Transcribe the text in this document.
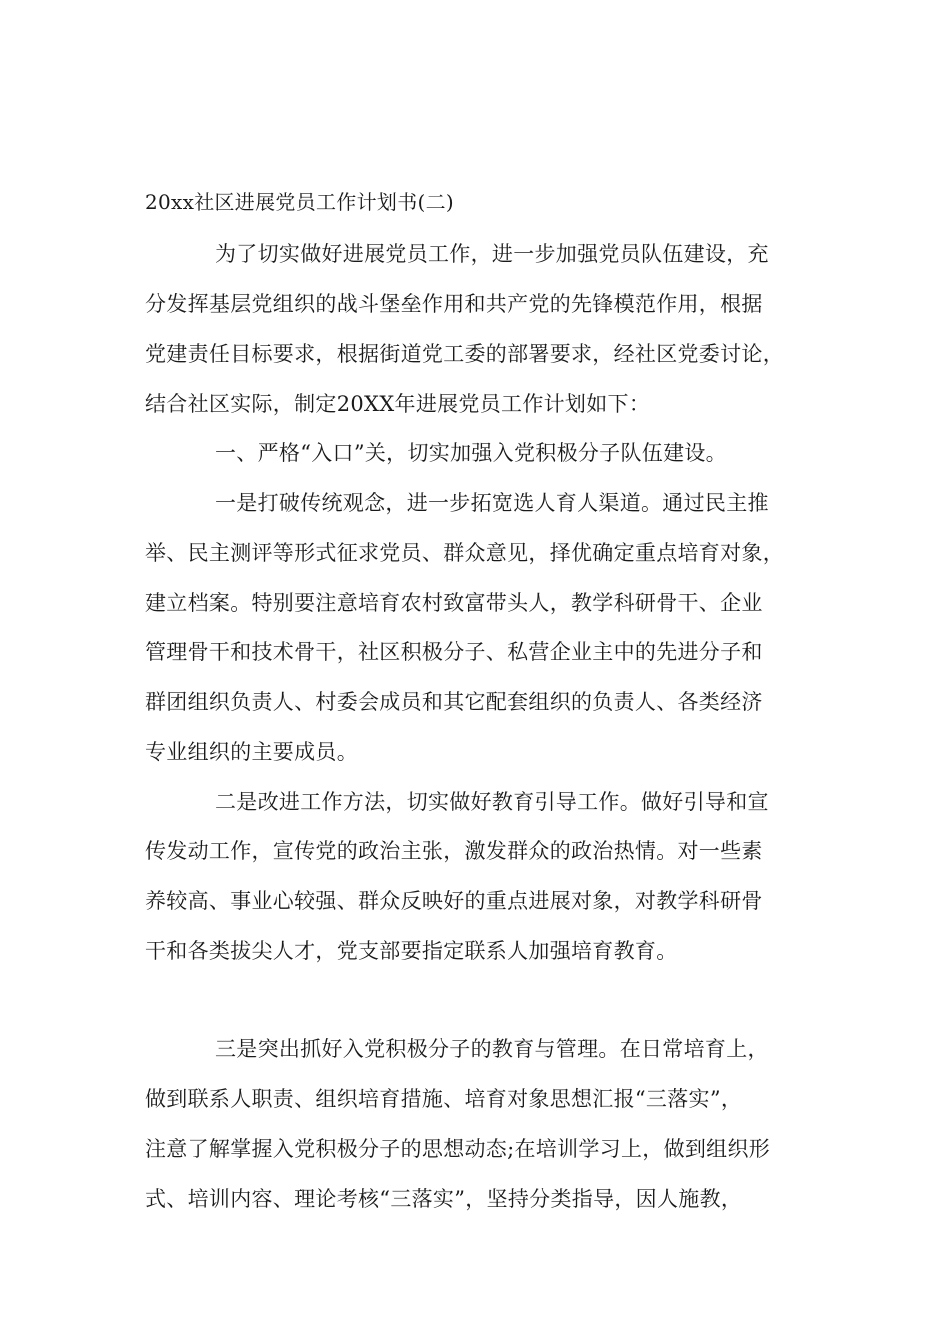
20xx社区进展党员工作计划书(二)
为了切实做好进展党员工作，进一步加强党员队伍建设，充
分发挥基层党组织的战斗堡垒作用和共产党的先锋模范作用，根据
党建责任目标要求，根据街道党工委的部署要求，经社区党委讨论，
结合社区实际，制定20XX年进展党员工作计划如下：
一、严格“入口”关，切实加强入党积极分子队伍建设。
一是打破传统观念，进一步拓宽选人育人渠道。通过民主推
举、民主测评等形式征求党员、群众意见，择优确定重点培育对象，
建立档案。特别要注意培育农村致富带头人，教学科研骨干、企业
管理骨干和技术骨干，社区积极分子、私营企业主中的先进分子和
群团组织负责人、村委会成员和其它配套组织的负责人、各类经济
专业组织的主要成员。
二是改进工作方法，切实做好教育引导工作。做好引导和宣
传发动工作，宣传党的政治主张，激发群众的政治热情。对一些素
养较高、事业心较强、群众反映好的重点进展对象，对教学科研骨
干和各类拔尖人才，党支部要指定联系人加强培育教育。
三是突出抓好入党积极分子的教育与管理。在日常培育上，
做到联系人职责、组织培育措施、培育对象思想汇报“三落实”，
注意了解掌握入党积极分子的思想动态;在培训学习上，做到组织形
式、培训内容、理论考核“三落实”，坚持分类指导，因人施教，
